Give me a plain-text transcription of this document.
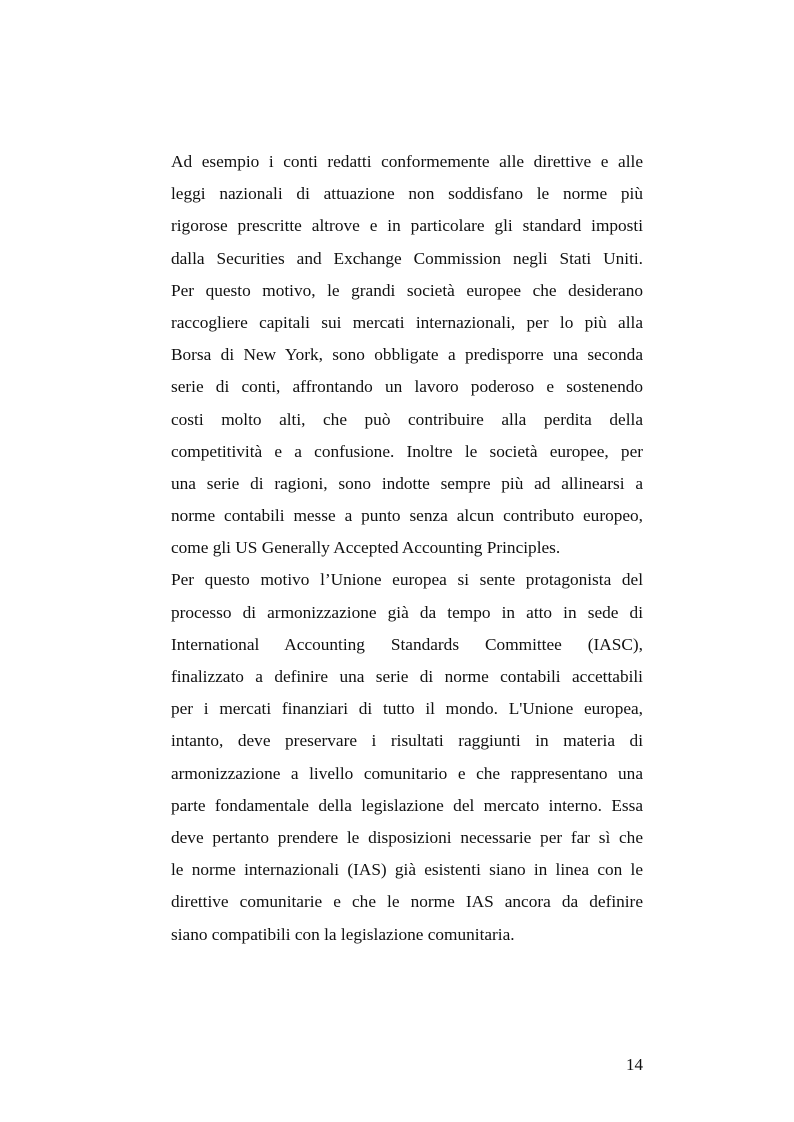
Ad esempio i conti redatti conformemente alle direttive e alle
leggi nazionali di attuazione non soddisfano le norme più
rigorose prescritte altrove e in particolare gli standard imposti
dalla Securities and Exchange Commission negli Stati Uniti.
Per questo motivo, le grandi società europee che desiderano
raccogliere capitali sui mercati internazionali, per lo più alla
Borsa di New York, sono obbligate a predisporre una seconda
serie di conti, affrontando un lavoro poderoso e sostenendo
costi molto alti, che può contribuire alla perdita della
competitività e a confusione. Inoltre le società europee, per
una serie di ragioni, sono indotte sempre più ad allinearsi a
norme contabili messe a punto senza alcun contributo europeo,
come gli US Generally Accepted Accounting Principles.
Per questo motivo l’Unione europea si sente protagonista del
processo di armonizzazione già da tempo in atto in sede di
International Accounting Standards Committee (IASC),
finalizzato a definire una serie di norme contabili accettabili
per i mercati finanziari di tutto il mondo. L'Unione europea,
intanto, deve preservare i risultati raggiunti in materia di
armonizzazione a livello comunitario e che rappresentano una
parte fondamentale della legislazione del mercato interno. Essa
deve pertanto prendere le disposizioni necessarie per far sì che
le norme internazionali (IAS) già esistenti siano in linea con le
direttive comunitarie e che le norme IAS ancora da definire
siano compatibili con la legislazione comunitaria.
14
